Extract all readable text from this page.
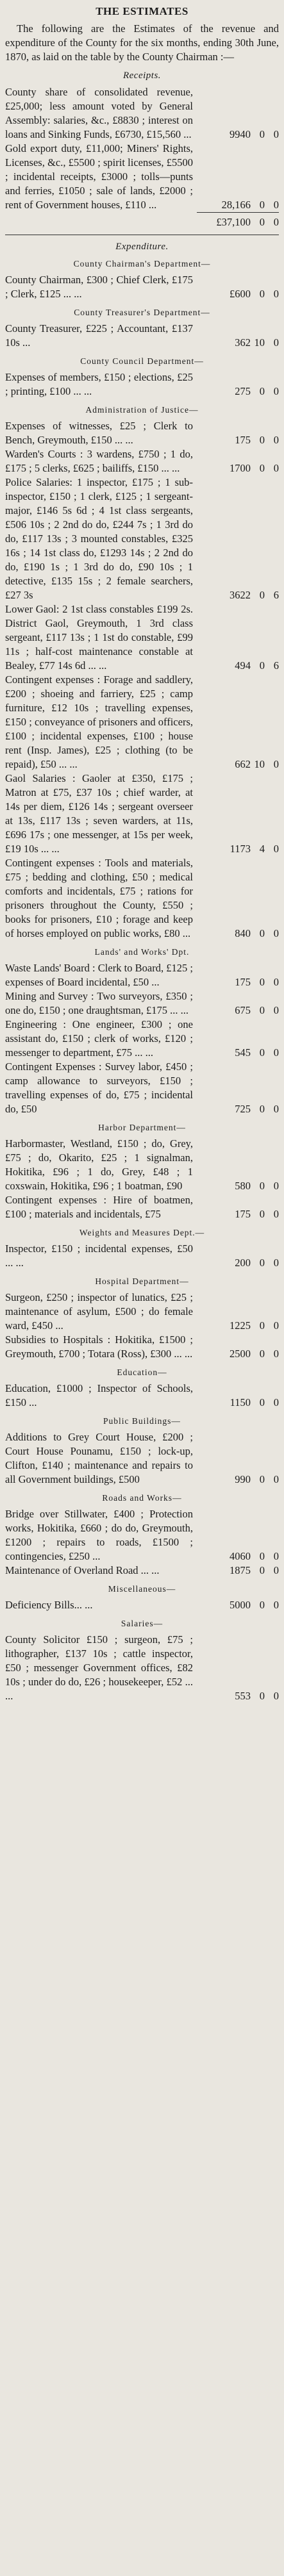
THE ESTIMATES

The following are the Estimates of the revenue and expenditure of the County for the six months, ending 30th June, 1870, as laid on the table by the County Chairman :—

Receipts.
County share of consolidated revenue, £25,000; less amount voted by General Assembly: salaries, &c., £8830 ; interest on loans and Sinking Funds, £6730, £15,560 ...	9940 0 0
Gold export duty, £11,000; Miners' Rights, Licenses, &c., £5500 ; spirit licenses, £5500 ; incidental receipts, £3000 ; tolls—punts and ferries, £1050 ; sale of lands, £2000 ; rent of Government houses, £110 ...	28,166 0 0
£37,100 0 0
Expenditure.
County Chairman's Department—
County Chairman, £300 ; Chief Clerk, £175 ; Clerk, £125 ... ...	£600 0 0
County Treasurer's Department—
County Treasurer, £225 ; Accountant, £137 10s ...	362 10 0
County Council Department—
Expenses of members, £150 ; elections, £25 ; printing, £100 ... ...	275 0 0
Administration of Justice—
Expenses of witnesses, £25 ; Clerk to Bench, Greymouth, £150 ... ...	175 0 0
Warden's Courts : 3 wardens, £750 ; 1 do, £175 ; 5 clerks, £625 ; bailiffs, £150 ... ...	1700 0 0
Police Salaries: 1 inspector, £175 ; 1 sub-inspector, £150 ; 1 clerk, £125 ; 1 sergeant-major, £146 5s 6d ; 4 1st class sergeants, £506 10s ; 2 2nd do do, £244 7s ; 1 3rd do do, £117 13s ; 3 mounted constables, £325 16s ; 14 1st class do, £1293 14s ; 2 2nd do do, £190 1s ; 1 3rd do do, £90 10s ; 1 detective, £135 15s ; 2 female searchers, £27 3s	3622 0 6
Lower Gaol: 2 1st class constables £199 2s. District Gaol, Greymouth, 1 3rd class sergeant, £117 13s ; 1 1st do constable, £99 11s ; half-cost maintenance constable at Bealey, £77 14s 6d ... ...	494 0 6
Contingent expenses : Forage and saddlery, £200 ; shoeing and farriery, £25 ; camp furniture, £12 10s ; travelling expenses, £150 ; conveyance of prisoners and officers, £100 ; incidental expenses, £100 ; house rent (Insp. James), £25 ; clothing (to be repaid), £50 ... ...	662 10 0
Gaol Salaries : Gaoler at £350, £175 ; Matron at £75, £37 10s ; chief warder, at 14s per diem, £126 14s ; sergeant overseer at 13s, £117 13s ; seven warders, at 11s, £696 17s ; one messenger, at 15s per week, £19 10s ... ...	1173 4 0
Contingent expenses : Tools and materials, £75 ; bedding and clothing, £50 ; medical comforts and incidentals, £75 ; rations for prisoners throughout the County, £550 ; books for prisoners, £10 ; forage and keep of horses employed on public works, £80 ...	840 0 0
Lands' and Works' Dpt.
Waste Lands' Board : Clerk to Board, £125 ; expenses of Board incidental, £50 ...	175 0 0
Mining and Survey : Two surveyors, £350 ; one do, £150 ; one draughtsman, £175 ... ...	675 0 0
Engineering : One engineer, £300 ; one assistant do, £150 ; clerk of works, £120 ; messenger to department, £75 ... ...	545 0 0
Contingent Expenses : Survey labor, £450 ; camp allowance to surveyors, £150 ; travelling expenses of do, £75 ; incidental do, £50	725 0 0
Harbor Department—
Harbormaster, Westland, £150 ; do, Grey, £75 ; do, Okarito, £25 ; 1 signalman, Hokitika, £96 ; 1 do, Grey, £48 ; 1 coxswain, Hokitika, £96 ; 1 boatman, £90	580 0 0
Contingent expenses : Hire of boatmen, £100 ; materials and incidentals, £75	175 0 0
Weights and Measures Dept.—
Inspector, £150 ; incidental expenses, £50 ... ...	200 0 0
Hospital Department—
Surgeon, £250 ; inspector of lunatics, £25 ; maintenance of asylum, £500 ; do female ward, £450 ...	1225 0 0
Subsidies to Hospitals : Hokitika, £1500 ; Greymouth, £700 ; Totara (Ross), £300 ... ...	2500 0 0
Education—
Education, £1000 ; Inspector of Schools, £150 ...	1150 0 0
Public Buildings—
Additions to Grey Court House, £200 ; Court House Pounamu, £150 ; lock-up, Clifton, £140 ; maintenance and repairs to all Government buildings, £500	990 0 0
Roads and Works—
Bridge over Stillwater, £400 ; Protection works, Hokitika, £660 ; do do, Greymouth, £1200 ; repairs to roads, £1500 ; contingencies, £250 ...	4060 0 0
Maintenance of Overland Road ... ...	1875 0 0
Miscellaneous—
Deficiency Bills... ...	5000 0 0
Salaries—
County Solicitor £150 ; surgeon, £75 ; lithographer, £137 10s ; cattle inspector, £50 ; messenger Government offices, £82 10s ; under do do, £26 ; housekeeper, £52 ... ...	553 0 0
